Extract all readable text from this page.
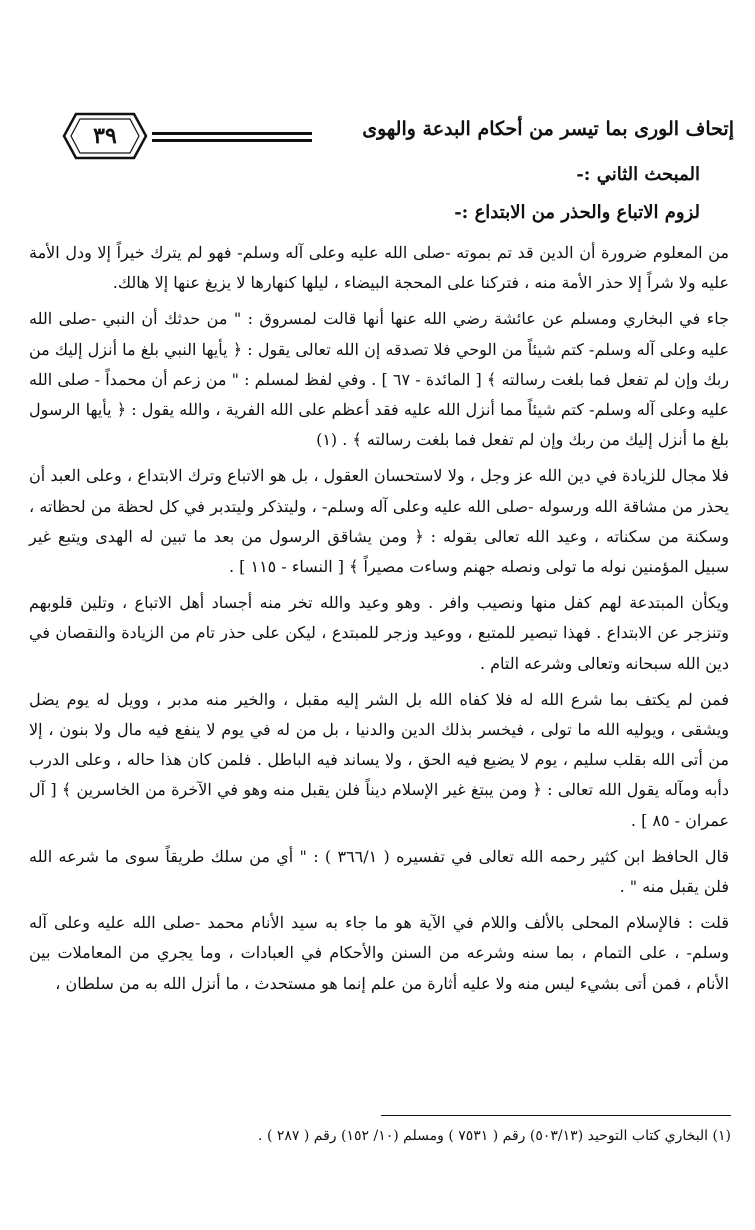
إتحاف الورى بما تيسر من أحكام البدعة والهوى
٣٩
المبحث الثاني :-
لزوم الاتباع والحذر من الابتداع :-

من المعلوم ضرورة أن الدين قد تم بموته -صلى الله عليه وعلى آله وسلم- فهو لم يترك خيراً إلا ودل الأمة عليه ولا شراً إلا حذر الأمة منه ، فتركنا على المحجة البيضاء ، ليلها كنهارها لا يزيغ عنها إلا هالك.

جاء في البخاري ومسلم عن عائشة رضي الله عنها أنها قالت لمسروق : " من حدثك أن النبي -صلى الله عليه وعلى آله وسلم- كتم شيئاً من الوحي فلا تصدقه إن الله تعالى يقول : ﴿ يأيها النبي بلغ ما أنزل إليك من ربك وإن لم تفعل فما بلغت رسالته ﴾ [ المائدة - ٦٧ ] . وفي لفظ لمسلم : " من زعم أن محمداً - صلى الله عليه وعلى آله وسلم- كتم شيئاً مما أنزل الله عليه فقد أعظم على الله الفرية ، والله يقول : ﴿ يأيها الرسول بلغ ما أنزل إليك من ربك وإن لم تفعل فما بلغت رسالته ﴾ . (١)

فلا مجال للزيادة في دين الله عز وجل ، ولا لاستحسان العقول ، بل هو الاتباع وترك الابتداع ، وعلى العبد أن يحذر من مشاقة الله ورسوله -صلى الله عليه وعلى آله وسلم- ، وليتذكر وليتدبر في كل لحظة من لحظاته ، وسكنة من سكناته ، وعيد الله تعالى بقوله : ﴿ ومن يشاقق الرسول من بعد ما تبين له الهدى ويتبع غير سبيل المؤمنين نوله ما تولى ونصله جهنم وساءت مصيراً ﴾ [ النساء - ١١٥ ] .

ويكأن المبتدعة لهم كفل منها ونصيب وافر . وهو وعيد والله تخر منه أجساد أهل الاتباع ، وتلين قلوبهم وتنزجر عن الابتداع . فهذا تبصير للمتبع ، ووعيد وزجر للمبتدع ، ليكن على حذر تام من الزيادة والنقصان في دين الله سبحانه وتعالى وشرعه التام .

فمن لم يكتف بما شرع الله له فلا كفاه الله بل الشر إليه مقبل ، والخير منه مدبر ، وويل له يوم يضل ويشقى ، ويوليه الله ما تولى ، فيخسر بذلك الدين والدنيا ، بل من له في يوم لا ينفع فيه مال ولا بنون ، إلا من أتى الله بقلب سليم ، يوم لا يضيع فيه الحق ، ولا يساند فيه الباطل . فلمن كان هذا حاله ، وعلى الدرب دأبه ومآله يقول الله تعالى : ﴿ ومن يبتغ غير الإسلام ديناً فلن يقبل منه وهو في الآخرة من الخاسرين ﴾ [ آل عمران - ٨٥ ] .

قال الحافظ ابن كثير رحمه الله تعالى في تفسيره ( ٣٦٦/١ ) : " أي من سلك طريقاً سوى ما شرعه الله فلن يقبل منه " .

قلت : فالإسلام المحلى بالألف واللام في الآية هو ما جاء به سيد الأنام محمد -صلى الله عليه وعلى آله وسلم- ، على التمام ، بما سنه وشرعه من السنن والأحكام في العبادات ، وما يجري من المعاملات بين الأنام ، فمن أتى بشيء ليس منه ولا عليه أثارة من علم إنما هو مستحدث ، ما أنزل الله به من سلطان ،

(١) البخاري كتاب التوحيد (٥٠٣/١٣) رقم ( ٧٥٣١ ) ومسلم (١٠/ ١٥٢) رقم ( ٢٨٧ ) .
